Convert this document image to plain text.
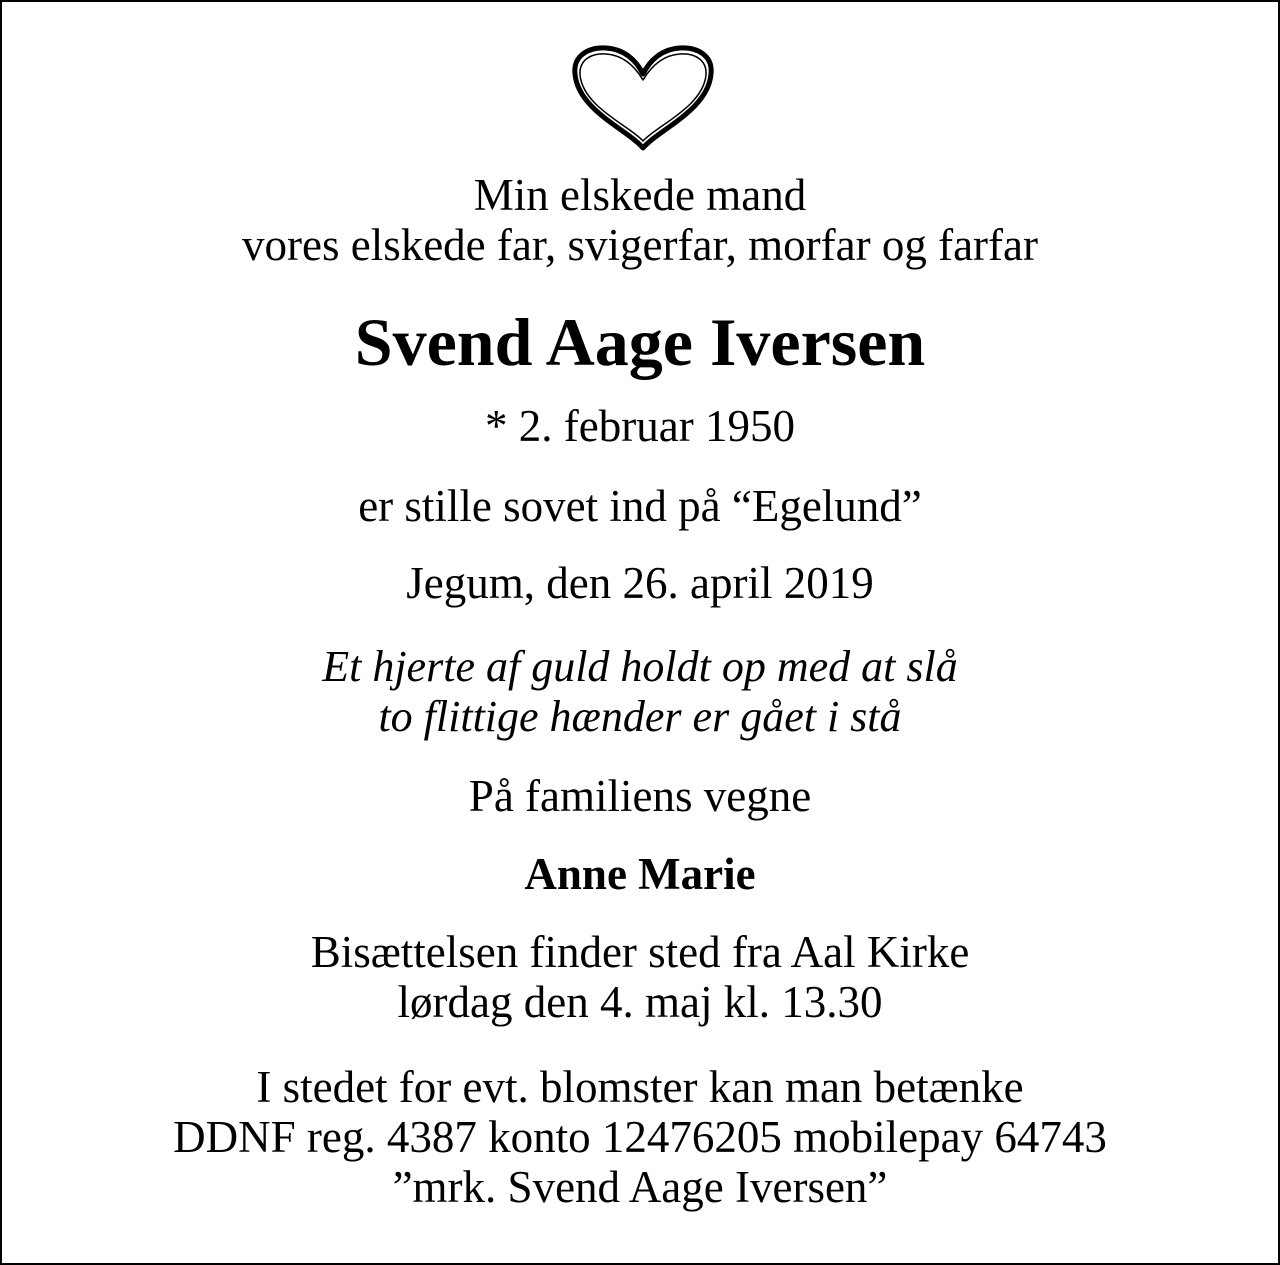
Min elskede mand
vores elskede far, svigerfar, morfar og farfar
Svend Aage Iversen
* 2. februar 1950
er stille sovet ind på “Egelund”
Jegum, den 26. april 2019
Et hjerte af guld holdt op med at slå
to flittige hænder er gået i stå
På familiens vegne
Anne Marie
Bisættelsen finder sted fra Aal Kirke
lørdag den 4. maj kl. 13.30
I stedet for evt. blomster kan man betænke
DDNF reg. 4387 konto 12476205 mobilepay 64743
”mrk. Svend Aage Iversen”
